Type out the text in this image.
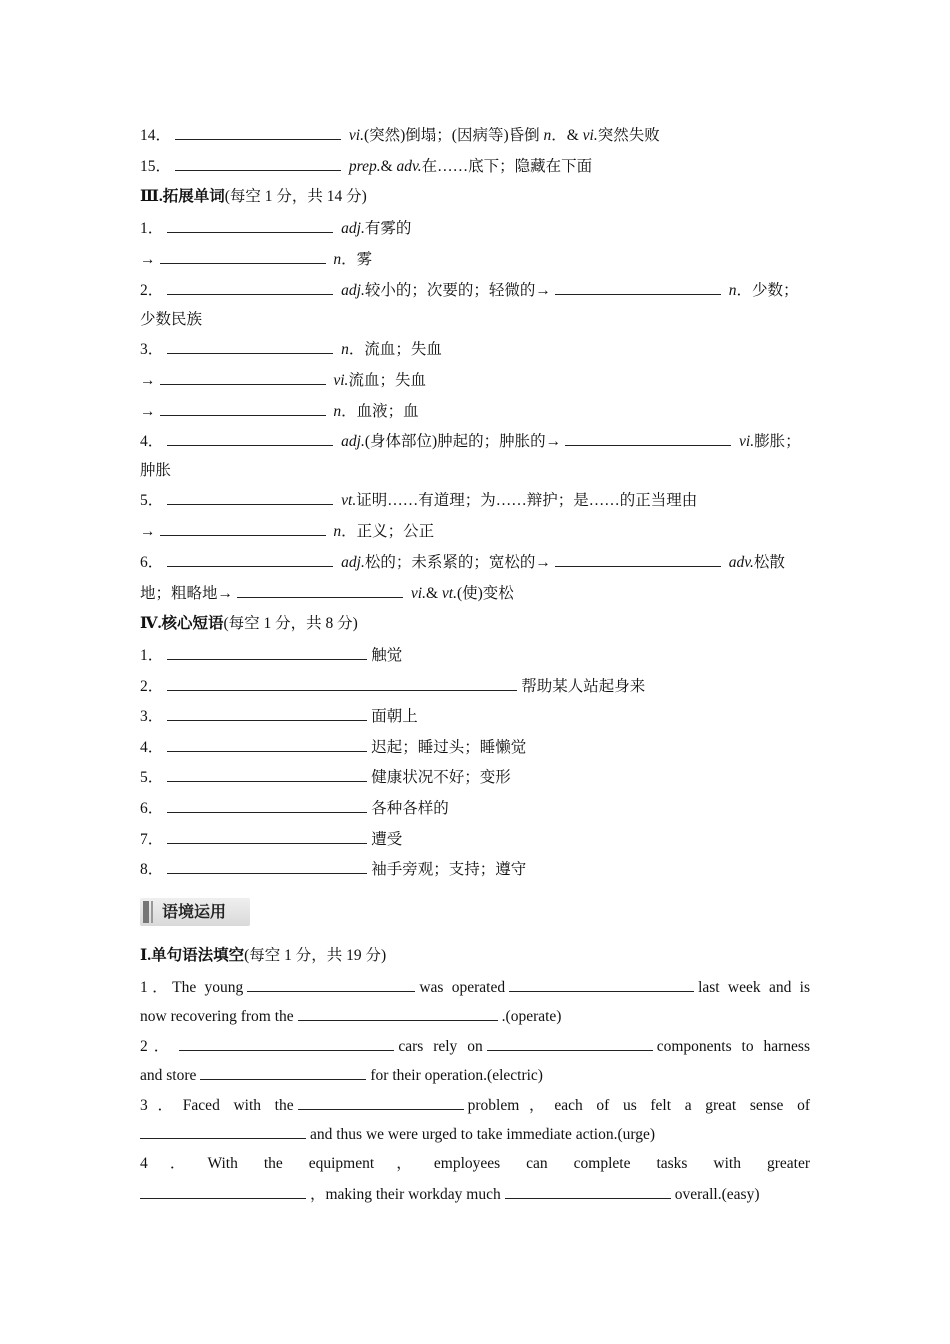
14．	vi.(突然)倒塌；(因病等)昏倒 n．& vi.突然失败
15．	prep.& adv.在……底下；隐藏在下面
Ⅲ.拓展单词(每空 1 分，共 14 分)
1．	adj.有雾的
→	n．雾
2．	adj.较小的；次要的；轻微的→	n．少数；
少数民族
3．	n．流血；失血
→	vi.流血；失血
→	n．血液；血
4．	adj.(身体部位)肿起的；肿胀的→	vi.膨胀；
肿胀
5．	vt.证明……有道理；为……辩护；是……的正当理由
→	n．正义；公正
6．	adj.松的；未系紧的；宽松的→	adv.松散
地；粗略地→	vi.& vt.(使)变松
Ⅳ.核心短语(每空 1 分，共 8 分)
1．	触觉
2．	帮助某人站起身来
3．	面朝上
4．	迟起；睡过头；睡懒觉
5．	健康状况不好；变形
6．	各种各样的
7．	遭受
8．	袖手旁观；支持；遵守
语境运用
Ⅰ.单句语法填空(每空 1 分，共 19 分)
1．The young	was operated	last week and is
now recovering from the	.(operate)
2．	cars rely on	components to harness
and store	for their operation.(electric)
3．Faced with the	problem，each of us felt a great sense of
and thus we were urged to take immediate action.(urge)
4．With the equipment，employees can complete tasks with greater
，making their workday much	overall.(easy)
